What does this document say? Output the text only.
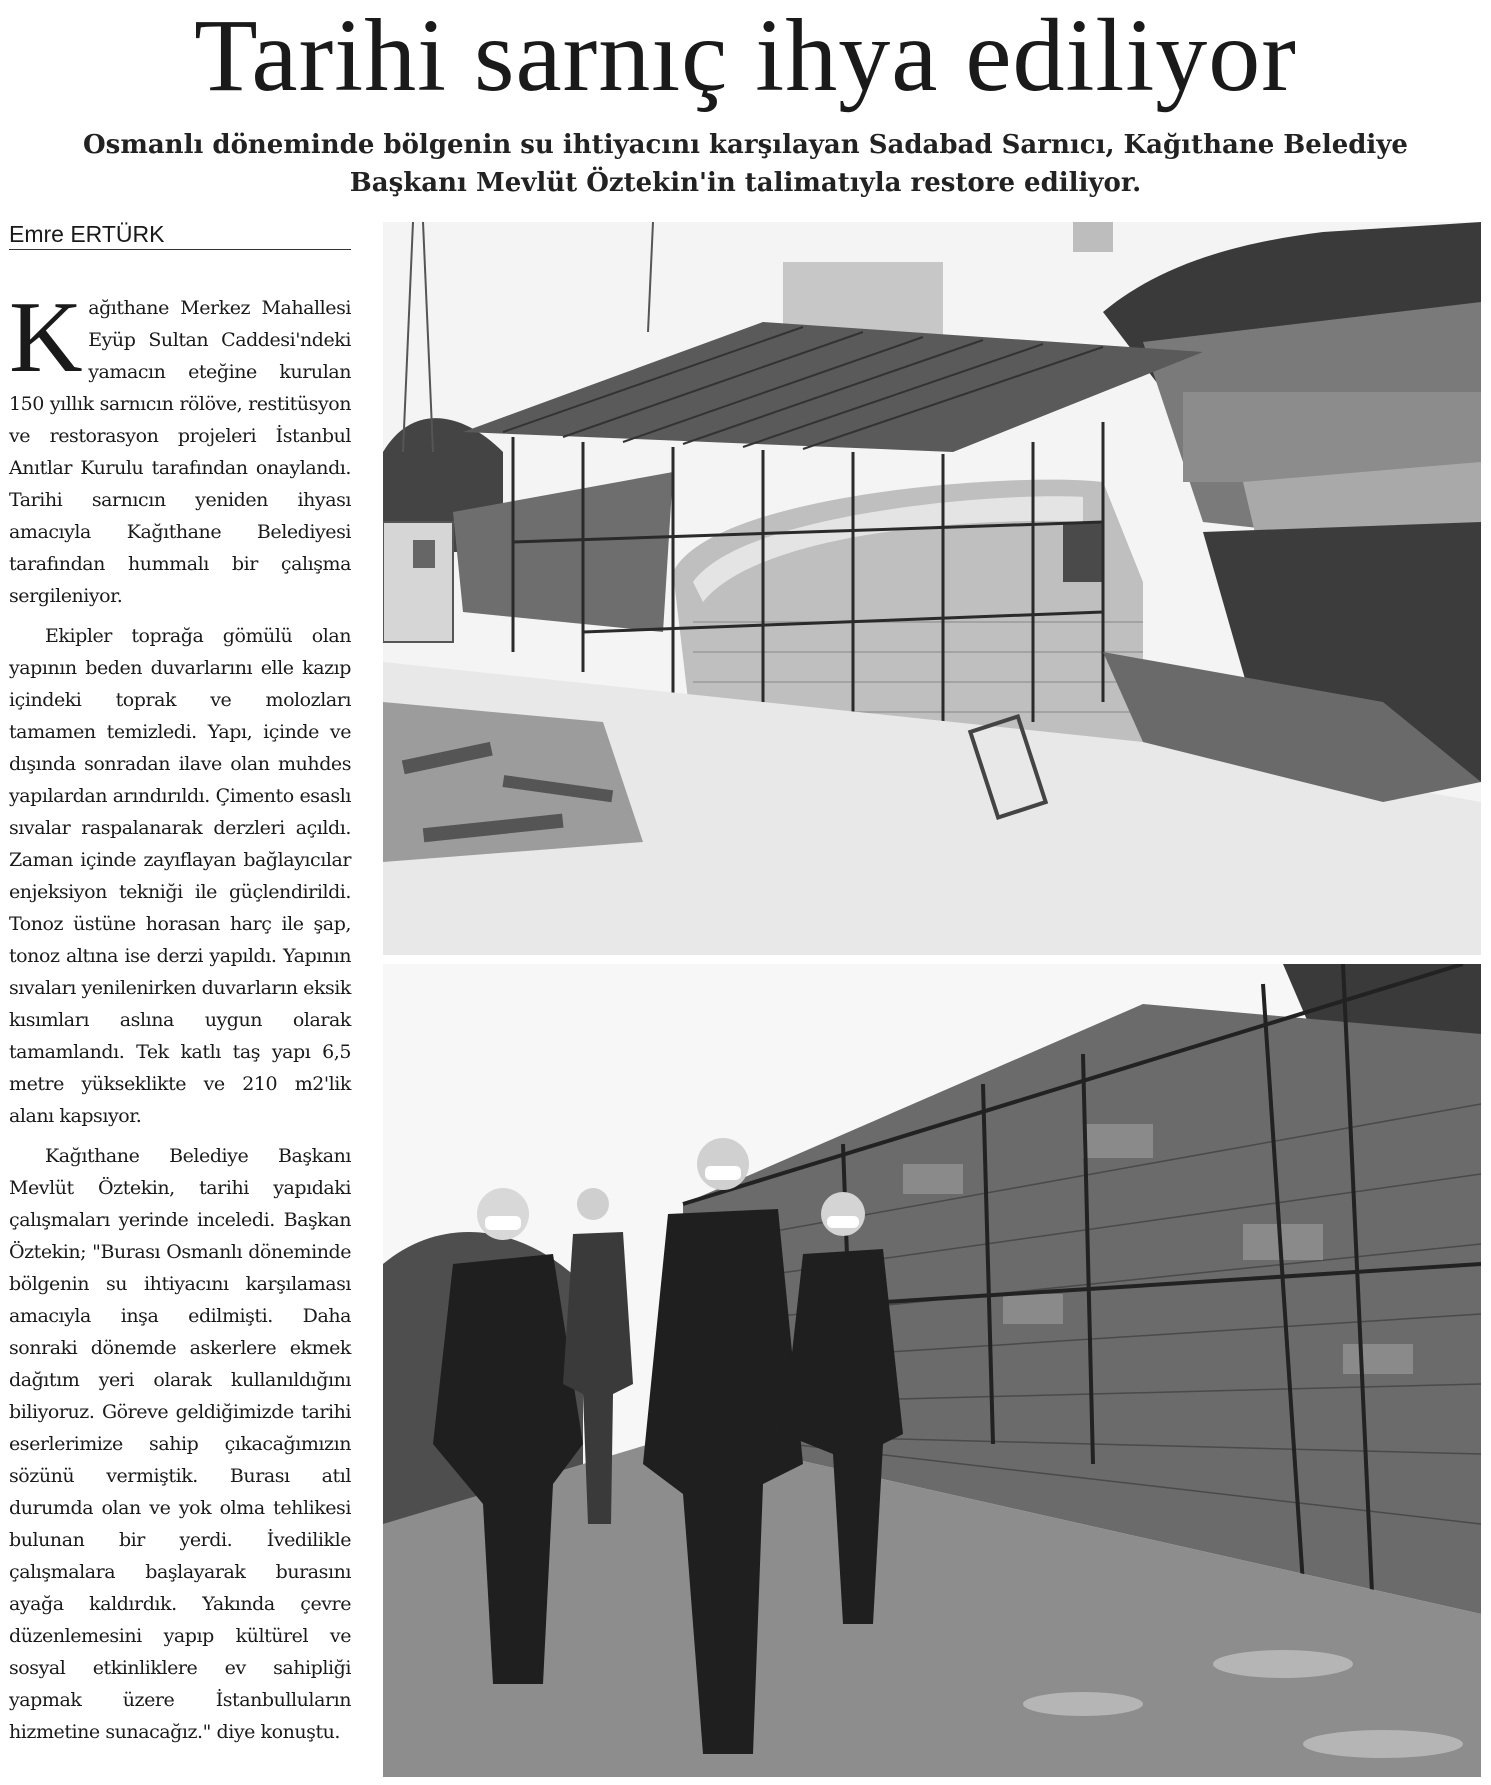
Tarihi sarnıç ihya ediliyor

Osmanlı döneminde bölgenin su ihtiyacını karşılayan Sadabad Sarnıcı, Kağıthane Belediye Başkanı Mevlüt Öztekin'in talimatıyla restore ediliyor.

Emre ERTÜRK

Kağıthane Merkez Mahallesi Eyüp Sultan Caddesi'ndeki yamacın eteğine kurulan 150 yıllık sarnıcın rölöve, restitüsyon ve restorasyon projeleri İstanbul Anıtlar Kurulu tarafından onaylandı. Tarihi sarnıcın yeniden ihyası amacıyla Kağıthane Belediyesi tarafından hummalı bir çalışma sergileniyor.

Ekipler toprağa gömülü olan yapının beden duvarlarını elle kazıp içindeki toprak ve molozları tamamen temizledi. Yapı, içinde ve dışında sonradan ilave olan muhdes yapılardan arındırıldı. Çimento esaslı sıvalar raspalanarak derzleri açıldı. Zaman içinde zayıflayan bağlayıcılar enjeksiyon tekniği ile güçlendirildi. Tonoz üstüne horasan harç ile şap, tonoz altına ise derzi yapıldı. Yapının sıvaları yenilenirken duvarların eksik kısımları aslına uygun olarak tamamlandı. Tek katlı taş yapı 6,5 metre yükseklikte ve 210 m2'lik alanı kapsıyor.

Kağıthane Belediye Başkanı Mevlüt Öztekin, tarihi yapıdaki çalışmaları yerinde inceledi. Başkan Öztekin; "Burası Osmanlı döneminde bölgenin su ihtiyacını karşılaması amacıyla inşa edilmişti. Daha sonraki dönemde askerlere ekmek dağıtım yeri olarak kullanıldığını biliyoruz. Göreve geldiğimizde tarihi eserlerimize sahip çıkacağımızın sözünü vermiştik. Burası atıl durumda olan ve yok olma tehlikesi bulunan bir yerdi. İvedilikle çalışmalara başlayarak burasını ayağa kaldırdık. Yakında çevre düzenlemesini yapıp kültürel ve sosyal etkinliklere ev sahipliği yapmak üzere İstanbulluların hizmetine sunacağız." diye konuştu.
